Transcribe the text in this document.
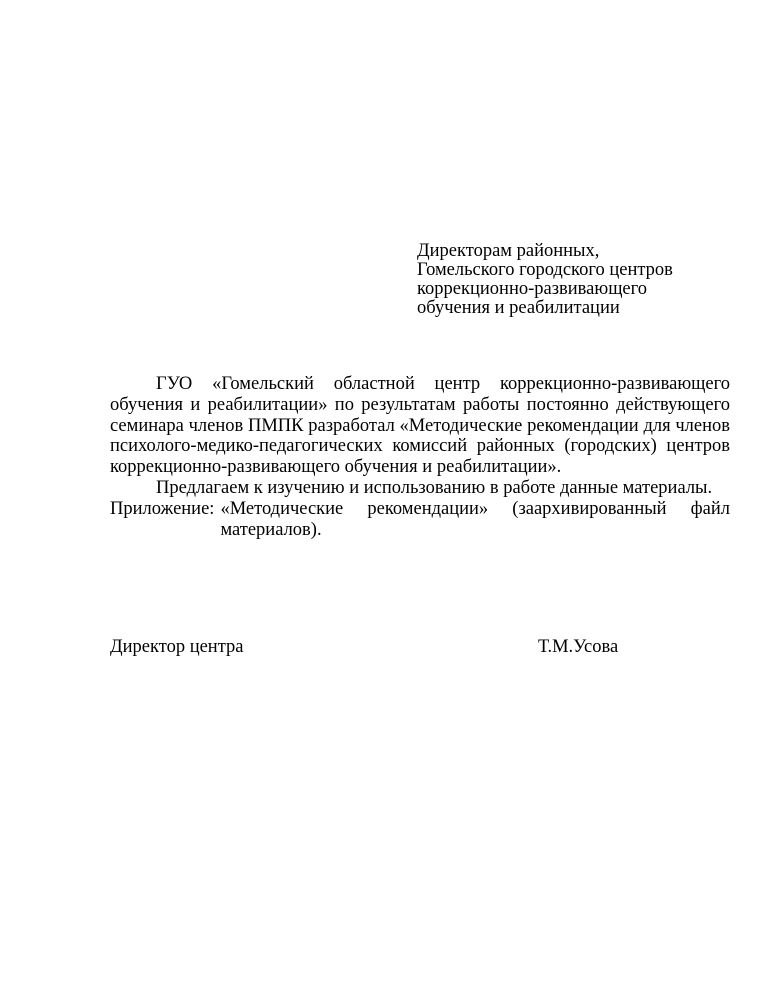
Директорам районных,
Гомельского городского центров
коррекционно-развивающего
обучения и реабилитации

ГУО «Гомельский областной центр коррекционно-развивающего обучения и реабилитации» по результатам работы постоянно действующего семинара членов ПМПК разработал «Методические рекомендации для членов психолого-медико-педагогических комиссий районных (городских) центров коррекционно-развивающего обучения и реабилитации».

Предлагаем к изучению и использованию в работе данные материалы.

Приложение: «Методические рекомендации» (заархивированный файл материалов).
Директор центра	Т.М.Усова
